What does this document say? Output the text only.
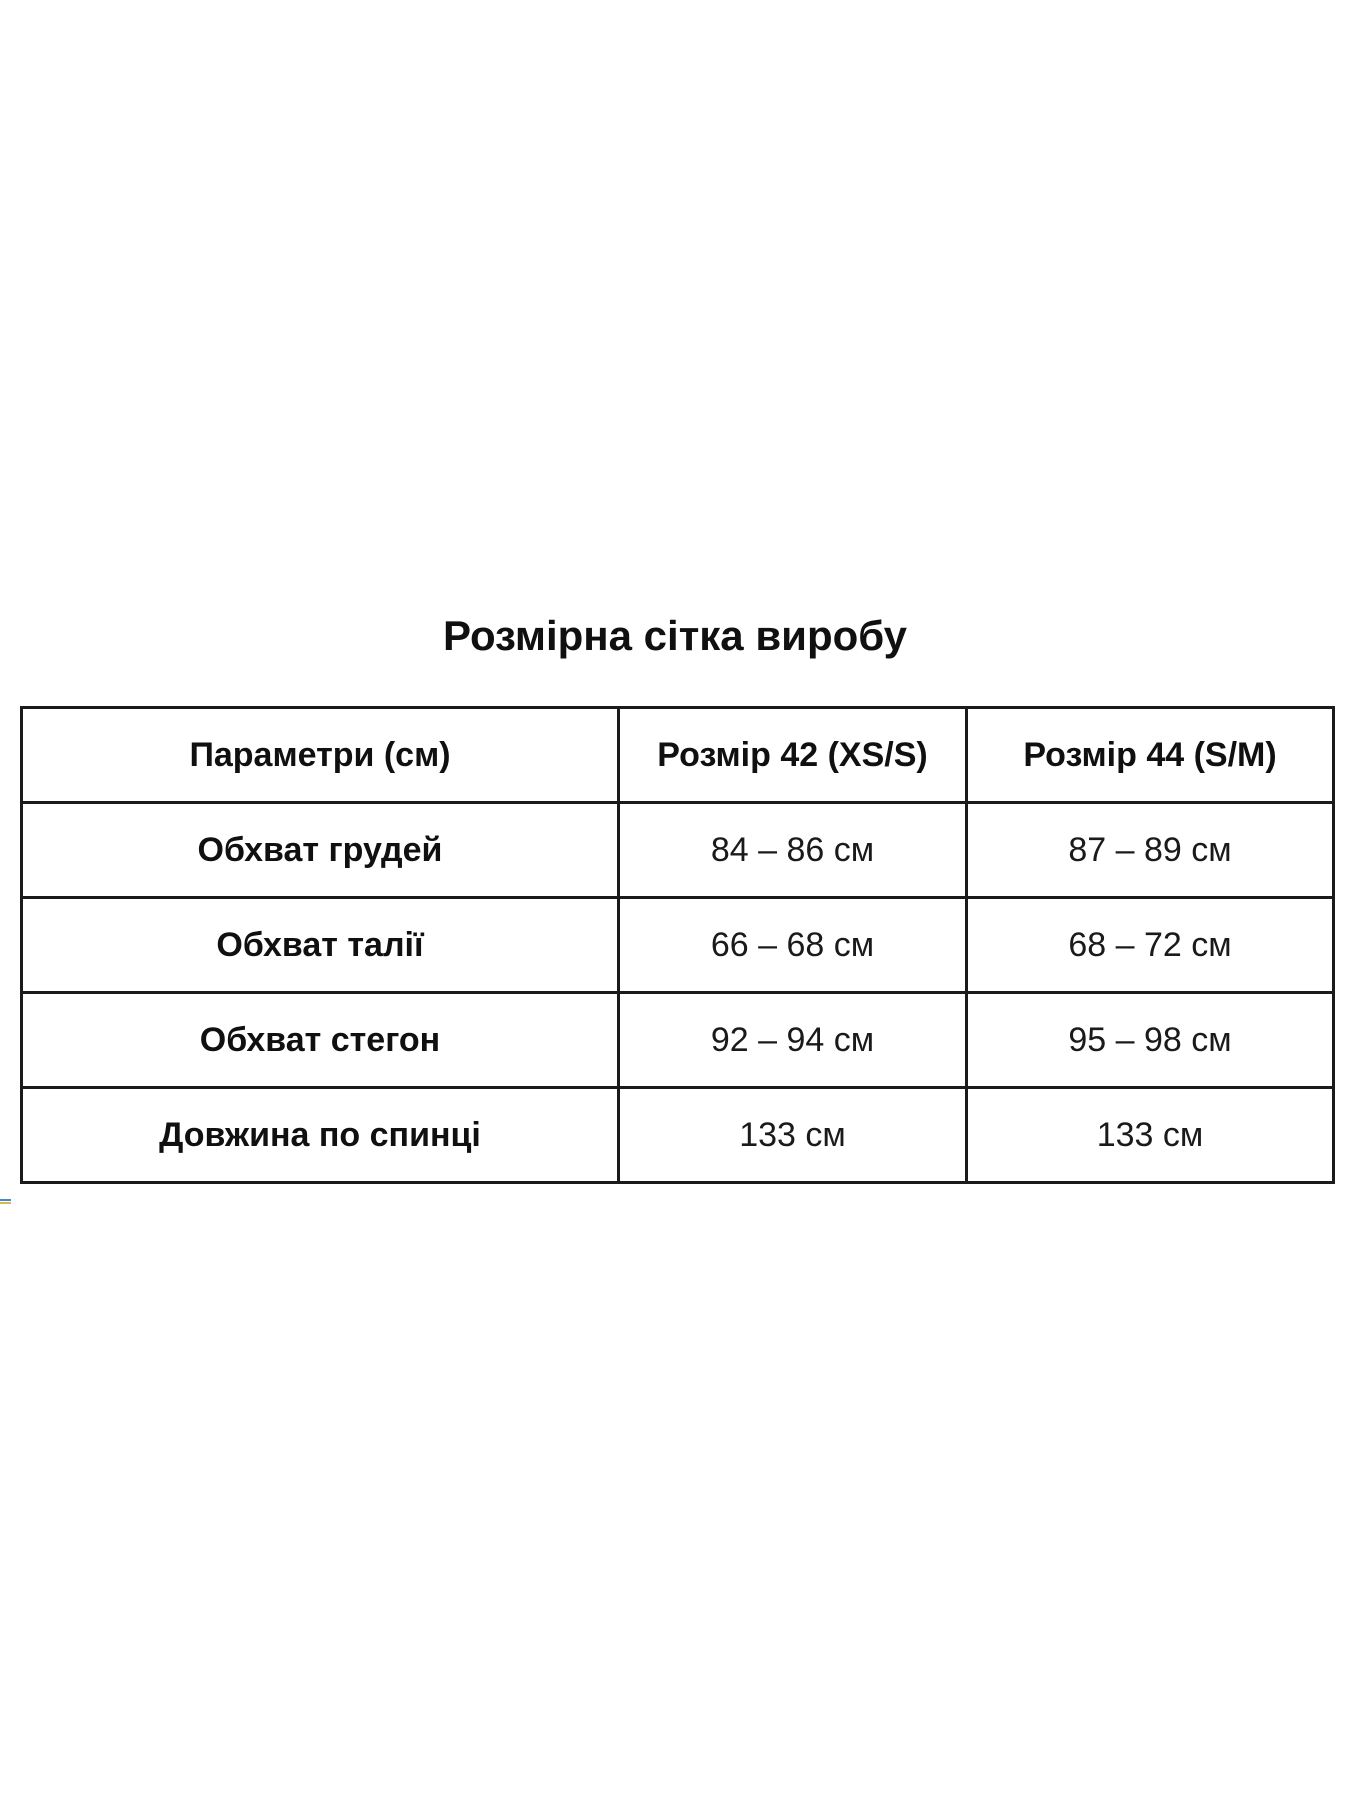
Розмірна сітка виробу
Параметри (см)	Розмір 42 (XS/S)	Розмір 44 (S/M)
Обхват грудей	84 – 86 см	87 – 89 см
Обхват талії	66 – 68 см	68 – 72 см
Обхват стегон	92 – 94 см	95 – 98 см
Довжина по спинці	133 см	133 см
